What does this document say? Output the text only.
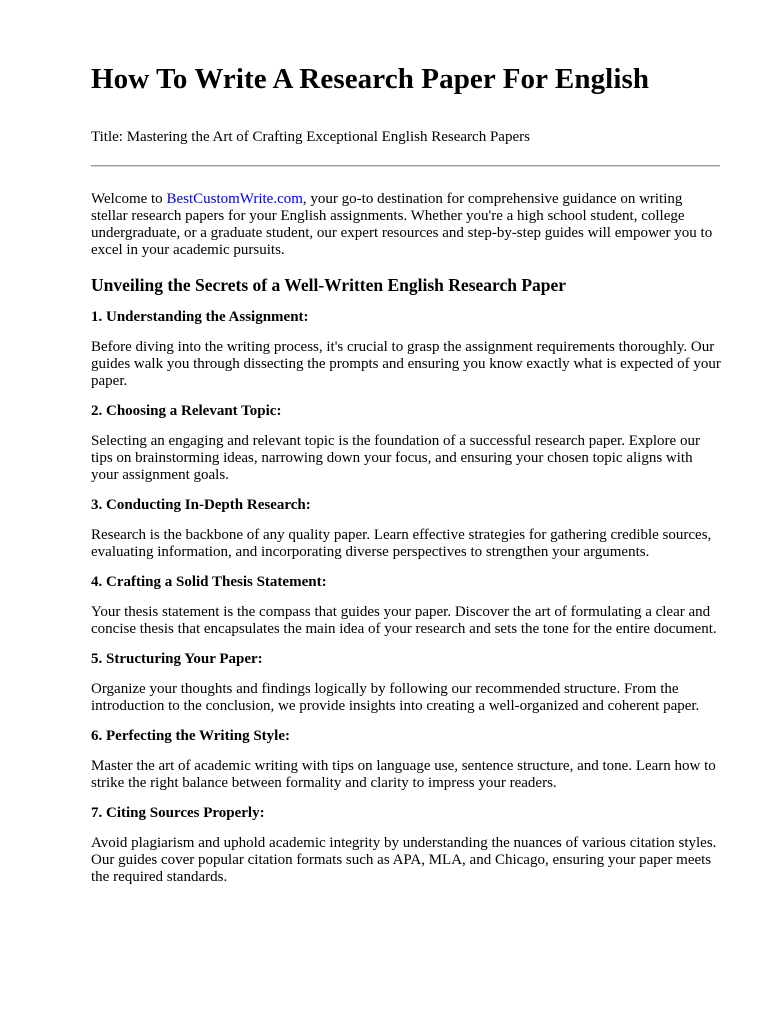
How To Write A Research Paper For English
Title: Mastering the Art of Crafting Exceptional English Research Papers

Welcome to BestCustomWrite.com, your go-to destination for comprehensive guidance on writing stellar research papers for your English assignments. Whether you're a high school student, college undergraduate, or a graduate student, our expert resources and step-by-step guides will empower you to excel in your academic pursuits.

Unveiling the Secrets of a Well-Written English Research Paper
1. Understanding the Assignment:

Before diving into the writing process, it's crucial to grasp the assignment requirements thoroughly. Our guides walk you through dissecting the prompts and ensuring you know exactly what is expected of your paper.

2. Choosing a Relevant Topic:

Selecting an engaging and relevant topic is the foundation of a successful research paper. Explore our tips on brainstorming ideas, narrowing down your focus, and ensuring your chosen topic aligns with your assignment goals.

3. Conducting In-Depth Research:

Research is the backbone of any quality paper. Learn effective strategies for gathering credible sources, evaluating information, and incorporating diverse perspectives to strengthen your arguments.

4. Crafting a Solid Thesis Statement:

Your thesis statement is the compass that guides your paper. Discover the art of formulating a clear and concise thesis that encapsulates the main idea of your research and sets the tone for the entire document.

5. Structuring Your Paper:

Organize your thoughts and findings logically by following our recommended structure. From the introduction to the conclusion, we provide insights into creating a well-organized and coherent paper.

6. Perfecting the Writing Style:

Master the art of academic writing with tips on language use, sentence structure, and tone. Learn how to strike the right balance between formality and clarity to impress your readers.

7. Citing Sources Properly:

Avoid plagiarism and uphold academic integrity by understanding the nuances of various citation styles. Our guides cover popular citation formats such as APA, MLA, and Chicago, ensuring your paper meets the required standards.
